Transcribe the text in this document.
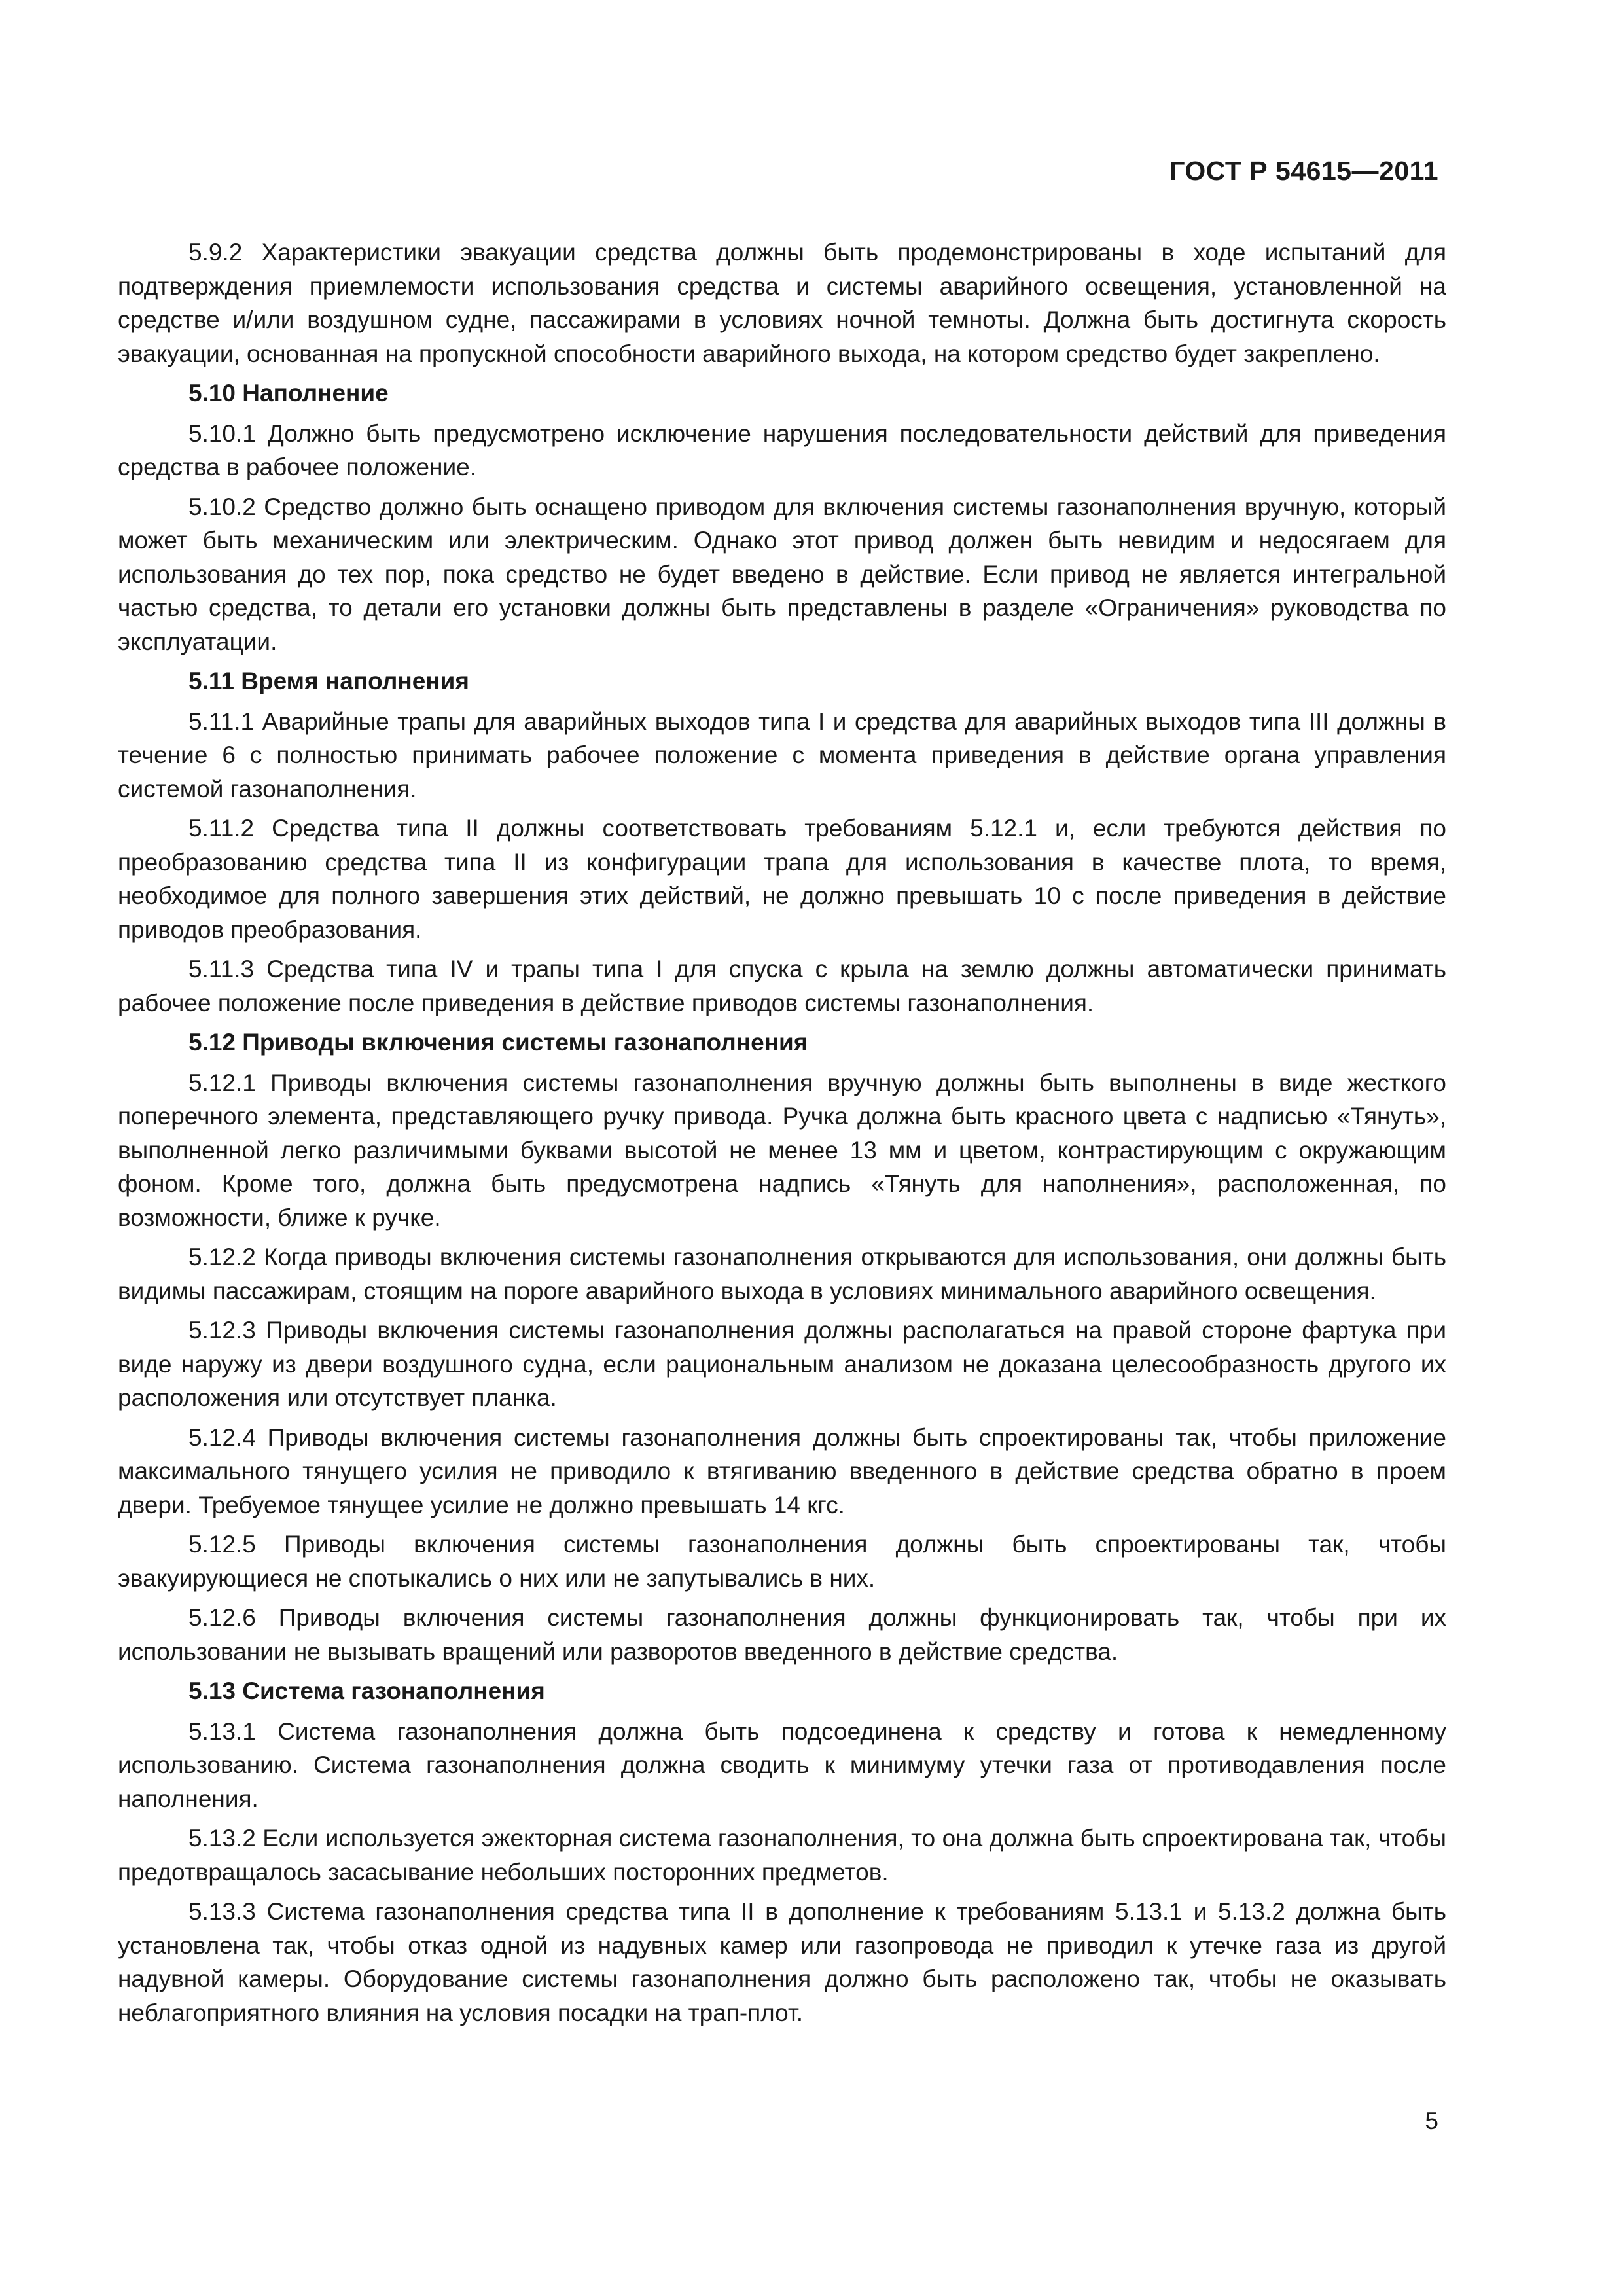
ГОСТ Р 54615—2011

5.9.2 Характеристики эвакуации средства должны быть продемонстрированы в ходе испытаний для подтверждения приемлемости использования средства и системы аварийного освещения, установленной на средстве и/или воздушном судне, пассажирами в условиях ночной темноты. Должна быть достигнута скорость эвакуации, основанная на пропускной способности аварийного выхода, на котором средство будет закреплено.

5.10 Наполнение

5.10.1 Должно быть предусмотрено исключение нарушения последовательности действий для приведения средства в рабочее положение.

5.10.2 Средство должно быть оснащено приводом для включения системы газонаполнения вручную, который может быть механическим или электрическим. Однако этот привод должен быть невидим и недосягаем для использования до тех пор, пока средство не будет введено в действие. Если привод не является интегральной частью средства, то детали его установки должны быть представлены в разделе «Ограничения» руководства по эксплуатации.

5.11 Время наполнения

5.11.1 Аварийные трапы для аварийных выходов типа I и средства для аварийных выходов типа III должны в течение 6 с полностью принимать рабочее положение с момента приведения в действие органа управления системой газонаполнения.

5.11.2 Средства типа II должны соответствовать требованиям 5.12.1 и, если требуются действия по преобразованию средства типа II из конфигурации трапа для использования в качестве плота, то время, необходимое для полного завершения этих действий, не должно превышать 10 с после приведения в действие приводов преобразования.

5.11.3 Средства типа IV и трапы типа I для спуска с крыла на землю должны автоматически принимать рабочее положение после приведения в действие приводов системы газонаполнения.

5.12 Приводы включения системы газонаполнения

5.12.1 Приводы включения системы газонаполнения вручную должны быть выполнены в виде жесткого поперечного элемента, представляющего ручку привода. Ручка должна быть красного цвета с надписью «Тянуть», выполненной легко различимыми буквами высотой не менее 13 мм и цветом, контрастирующим с окружающим фоном. Кроме того, должна быть предусмотрена надпись «Тянуть для наполнения», расположенная, по возможности, ближе к ручке.

5.12.2 Когда приводы включения системы газонаполнения открываются для использования, они должны быть видимы пассажирам, стоящим на пороге аварийного выхода в условиях минимального аварийного освещения.

5.12.3 Приводы включения системы газонаполнения должны располагаться на правой стороне фартука при виде наружу из двери воздушного судна, если рациональным анализом не доказана целесообразность другого их расположения или отсутствует планка.

5.12.4 Приводы включения системы газонаполнения должны быть спроектированы так, чтобы приложение максимального тянущего усилия не приводило к втягиванию введенного в действие средства обратно в проем двери. Требуемое тянущее усилие не должно превышать 14 кгс.

5.12.5 Приводы включения системы газонаполнения должны быть спроектированы так, чтобы эвакуирующиеся не спотыкались о них или не запутывались в них.

5.12.6 Приводы включения системы газонаполнения должны функционировать так, чтобы при их использовании не вызывать вращений или разворотов введенного в действие средства.

5.13 Система газонаполнения

5.13.1 Система газонаполнения должна быть подсоединена к средству и готова к немедленному использованию. Система газонаполнения должна сводить к минимуму утечки газа от противодавления после наполнения.

5.13.2 Если используется эжекторная система газонаполнения, то она должна быть спроектирована так, чтобы предотвращалось засасывание небольших посторонних предметов.

5.13.3 Система газонаполнения средства типа II в дополнение к требованиям 5.13.1 и 5.13.2 должна быть установлена так, чтобы отказ одной из надувных камер или газопровода не приводил к утечке газа из другой надувной камеры. Оборудование системы газонаполнения должно быть расположено так, чтобы не оказывать неблагоприятного влияния на условия посадки на трап-плот.

5
